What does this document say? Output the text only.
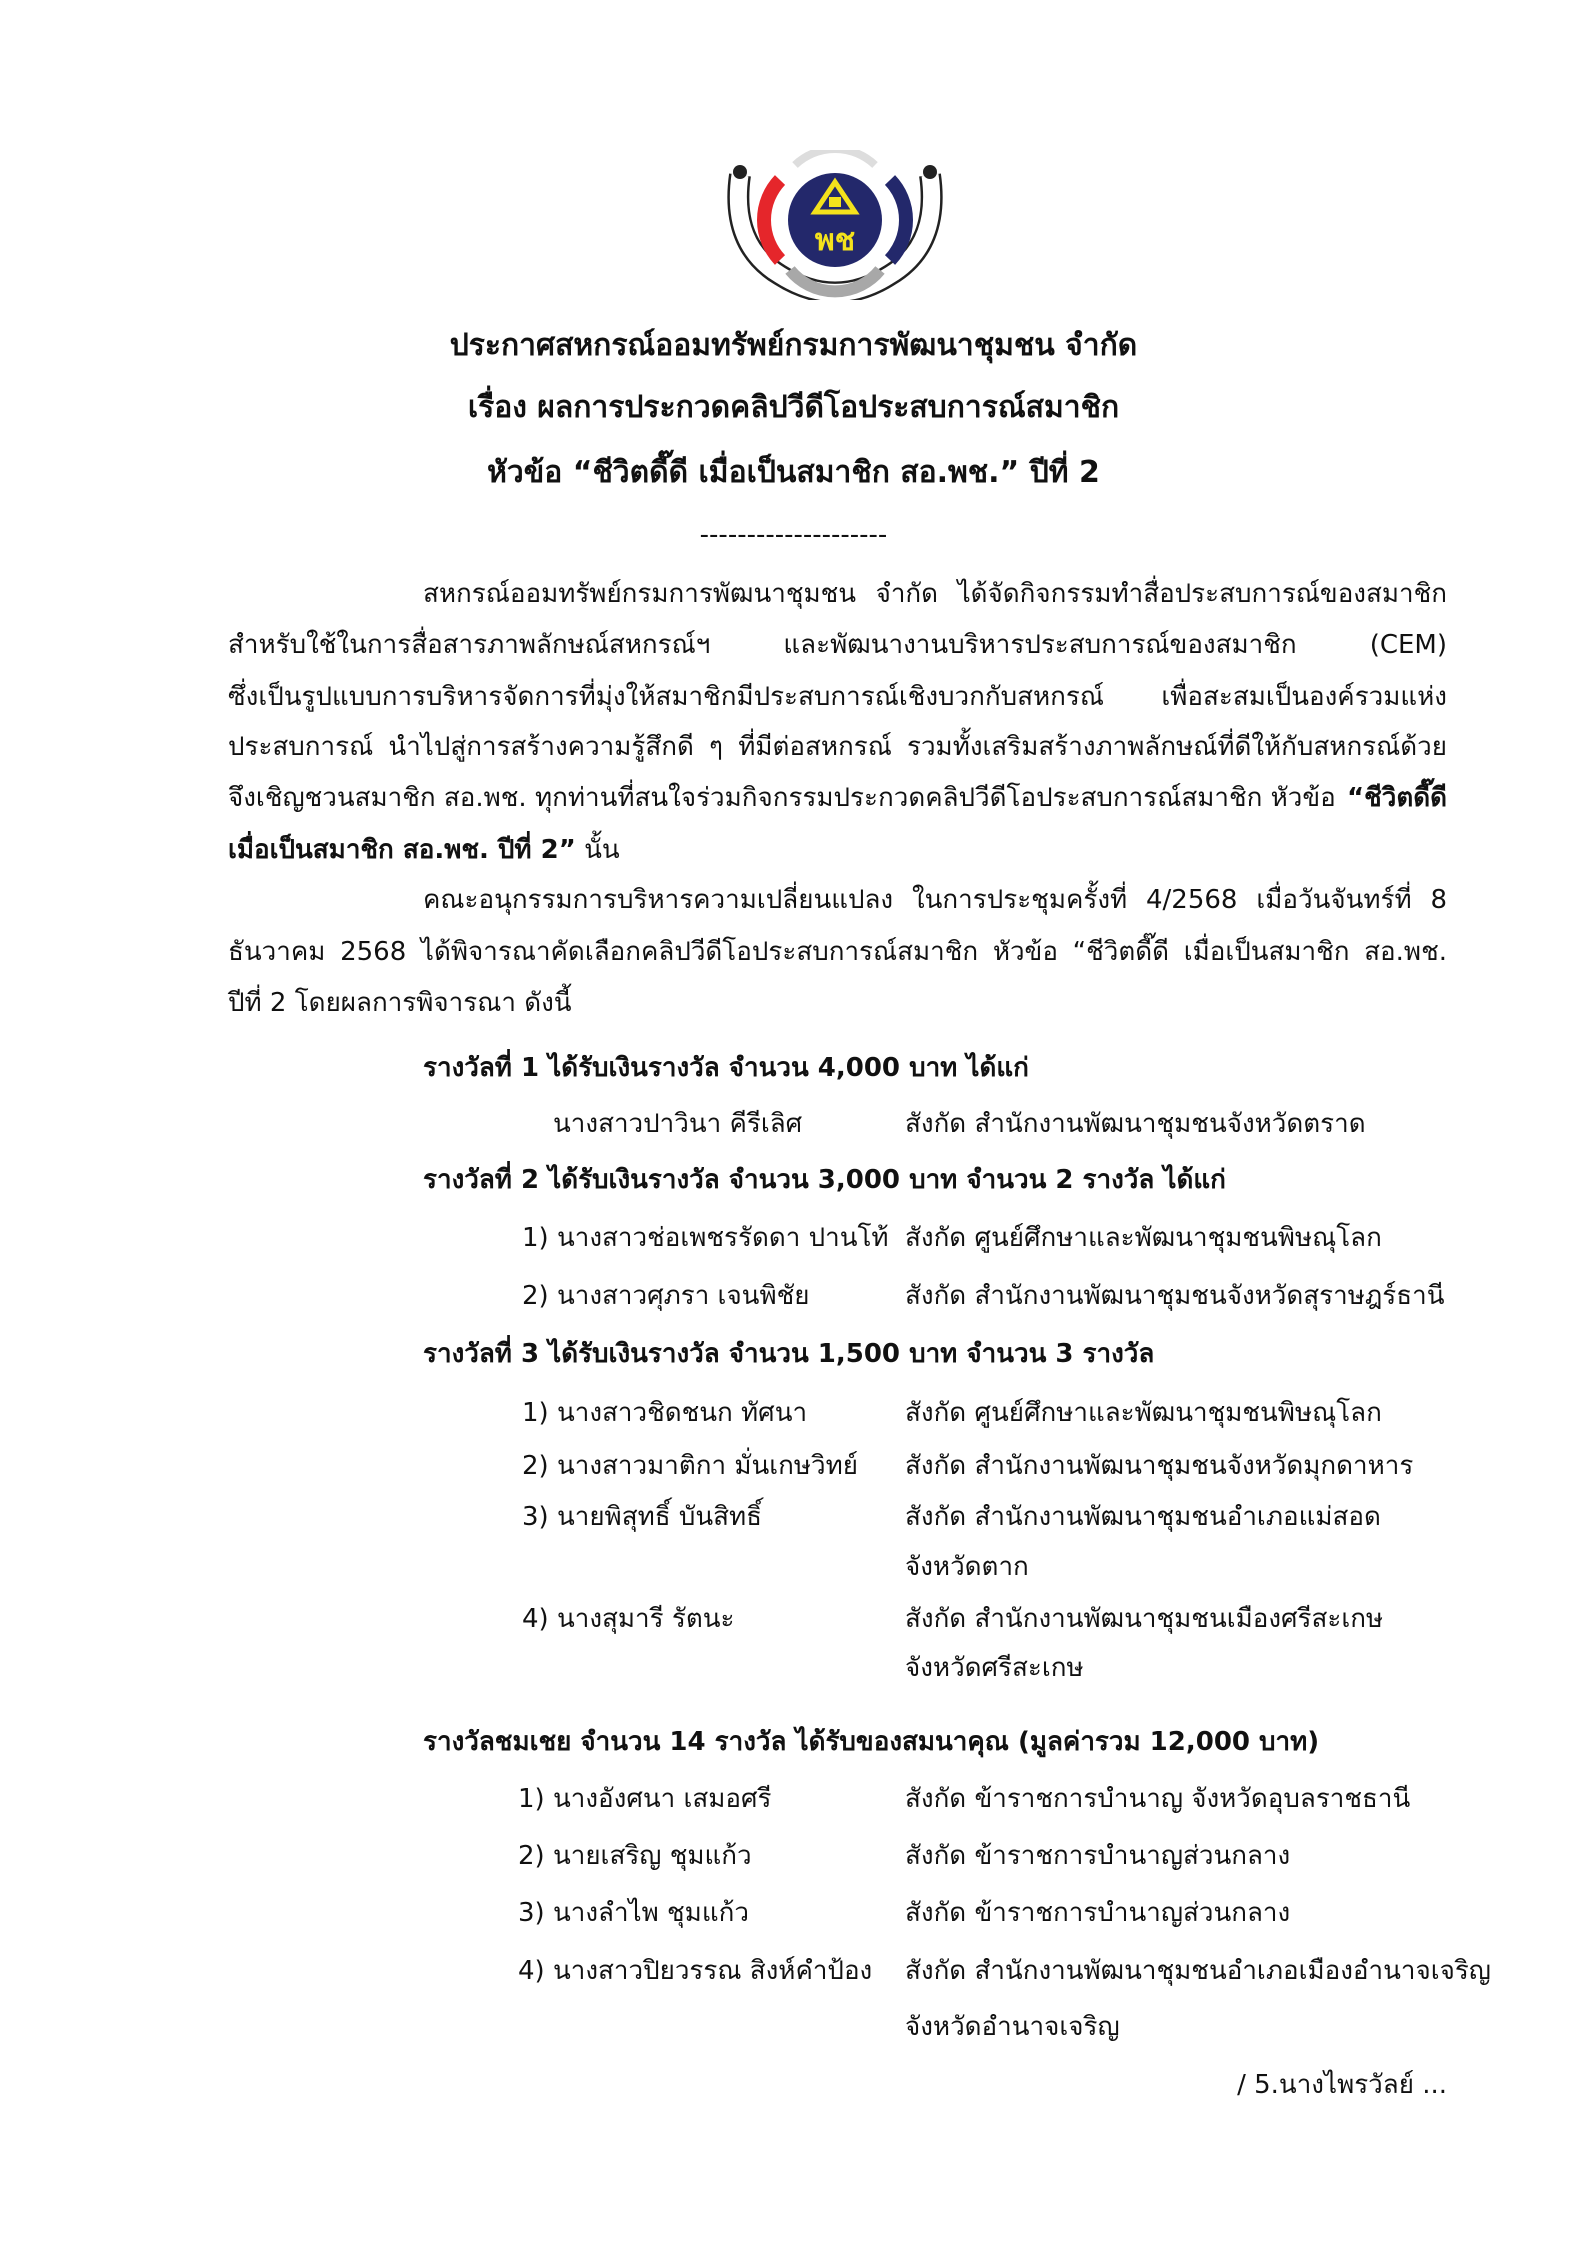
พช
ประกาศสหกรณ์ออมทรัพย์กรมการพัฒนาชุมชน จำกัด
เรื่อง ผลการประกวดคลิปวีดีโอประสบการณ์สมาชิก
หัวข้อ “ชีวิตดี๊ดี เมื่อเป็นสมาชิก สอ.พช.” ปีที่ 2
--------------------
สหกรณ์ออมทรัพย์กรมการพัฒนาชุมชน จำกัด ได้จัดกิจกรรมทำสื่อประสบการณ์ของสมาชิก
สำหรับใช้ในการสื่อสารภาพลักษณ์สหกรณ์ฯ และพัฒนางานบริหารประสบการณ์ของสมาชิก (CEM)
ซึ่งเป็นรูปแบบการบริหารจัดการที่มุ่งให้สมาชิกมีประสบการณ์เชิงบวกกับสหกรณ์ เพื่อสะสมเป็นองค์รวมแห่ง
ประสบการณ์ นำไปสู่การสร้างความรู้สึกดี ๆ ที่มีต่อสหกรณ์ รวมทั้งเสริมสร้างภาพลักษณ์ที่ดีให้กับสหกรณ์ด้วย
จึงเชิญชวนสมาชิก สอ.พช. ทุกท่านที่สนใจร่วมกิจกรรมประกวดคลิปวีดีโอประสบการณ์สมาชิก หัวข้อ “ชีวิตดี๊ดี
เมื่อเป็นสมาชิก สอ.พช. ปีที่ 2” นั้น
คณะอนุกรรมการบริหารความเปลี่ยนแปลง ในการประชุมครั้งที่ 4/2568 เมื่อวันจันทร์ที่ 8
ธันวาคม 2568 ได้พิจารณาคัดเลือกคลิปวีดีโอประสบการณ์สมาชิก หัวข้อ “ชีวิตดี๊ดี เมื่อเป็นสมาชิก สอ.พช.
ปีที่ 2 โดยผลการพิจารณา ดังนี้
รางวัลที่ 1 ได้รับเงินรางวัล จำนวน 4,000 บาท ได้แก่
นางสาวปาวินา คีรีเลิศ	สังกัด สำนักงานพัฒนาชุมชนจังหวัดตราด
รางวัลที่ 2 ได้รับเงินรางวัล จำนวน 3,000 บาท จำนวน 2 รางวัล ได้แก่
1) นางสาวช่อเพชรรัดดา ปานโท้ สังกัด ศูนย์ศึกษาและพัฒนาชุมชนพิษณุโลก
2) นางสาวศุภรา เจนพิชัย	สังกัด สำนักงานพัฒนาชุมชนจังหวัดสุราษฎร์ธานี
รางวัลที่ 3 ได้รับเงินรางวัล จำนวน 1,500 บาท จำนวน 3 รางวัล
1) นางสาวชิดชนก ทัศนา	สังกัด ศูนย์ศึกษาและพัฒนาชุมชนพิษณุโลก
2) นางสาวมาติกา มั่นเกษวิทย์ สังกัด สำนักงานพัฒนาชุมชนจังหวัดมุกดาหาร
3) นายพิสุทธิ์ บันสิทธิ์	สังกัด สำนักงานพัฒนาชุมชนอำเภอแม่สอด
จังหวัดตาก
4) นางสุมารี รัตนะ	สังกัด สำนักงานพัฒนาชุมชนเมืองศรีสะเกษ
จังหวัดศรีสะเกษ
รางวัลชมเชย จำนวน 14 รางวัล ได้รับของสมนาคุณ (มูลค่ารวม 12,000 บาท)
1) นางอังศนา เสมอศรี	สังกัด ข้าราชการบำนาญ จังหวัดอุบลราชธานี
2) นายเสริญ ชุมแก้ว	สังกัด ข้าราชการบำนาญส่วนกลาง
3) นางลำไพ ชุมแก้ว	สังกัด ข้าราชการบำนาญส่วนกลาง
4) นางสาวปิยวรรณ สิงห์คำป้อง สังกัด สำนักงานพัฒนาชุมชนอำเภอเมืองอำนาจเจริญ
จังหวัดอำนาจเจริญ
/ 5.นางไพรวัลย์ ...
